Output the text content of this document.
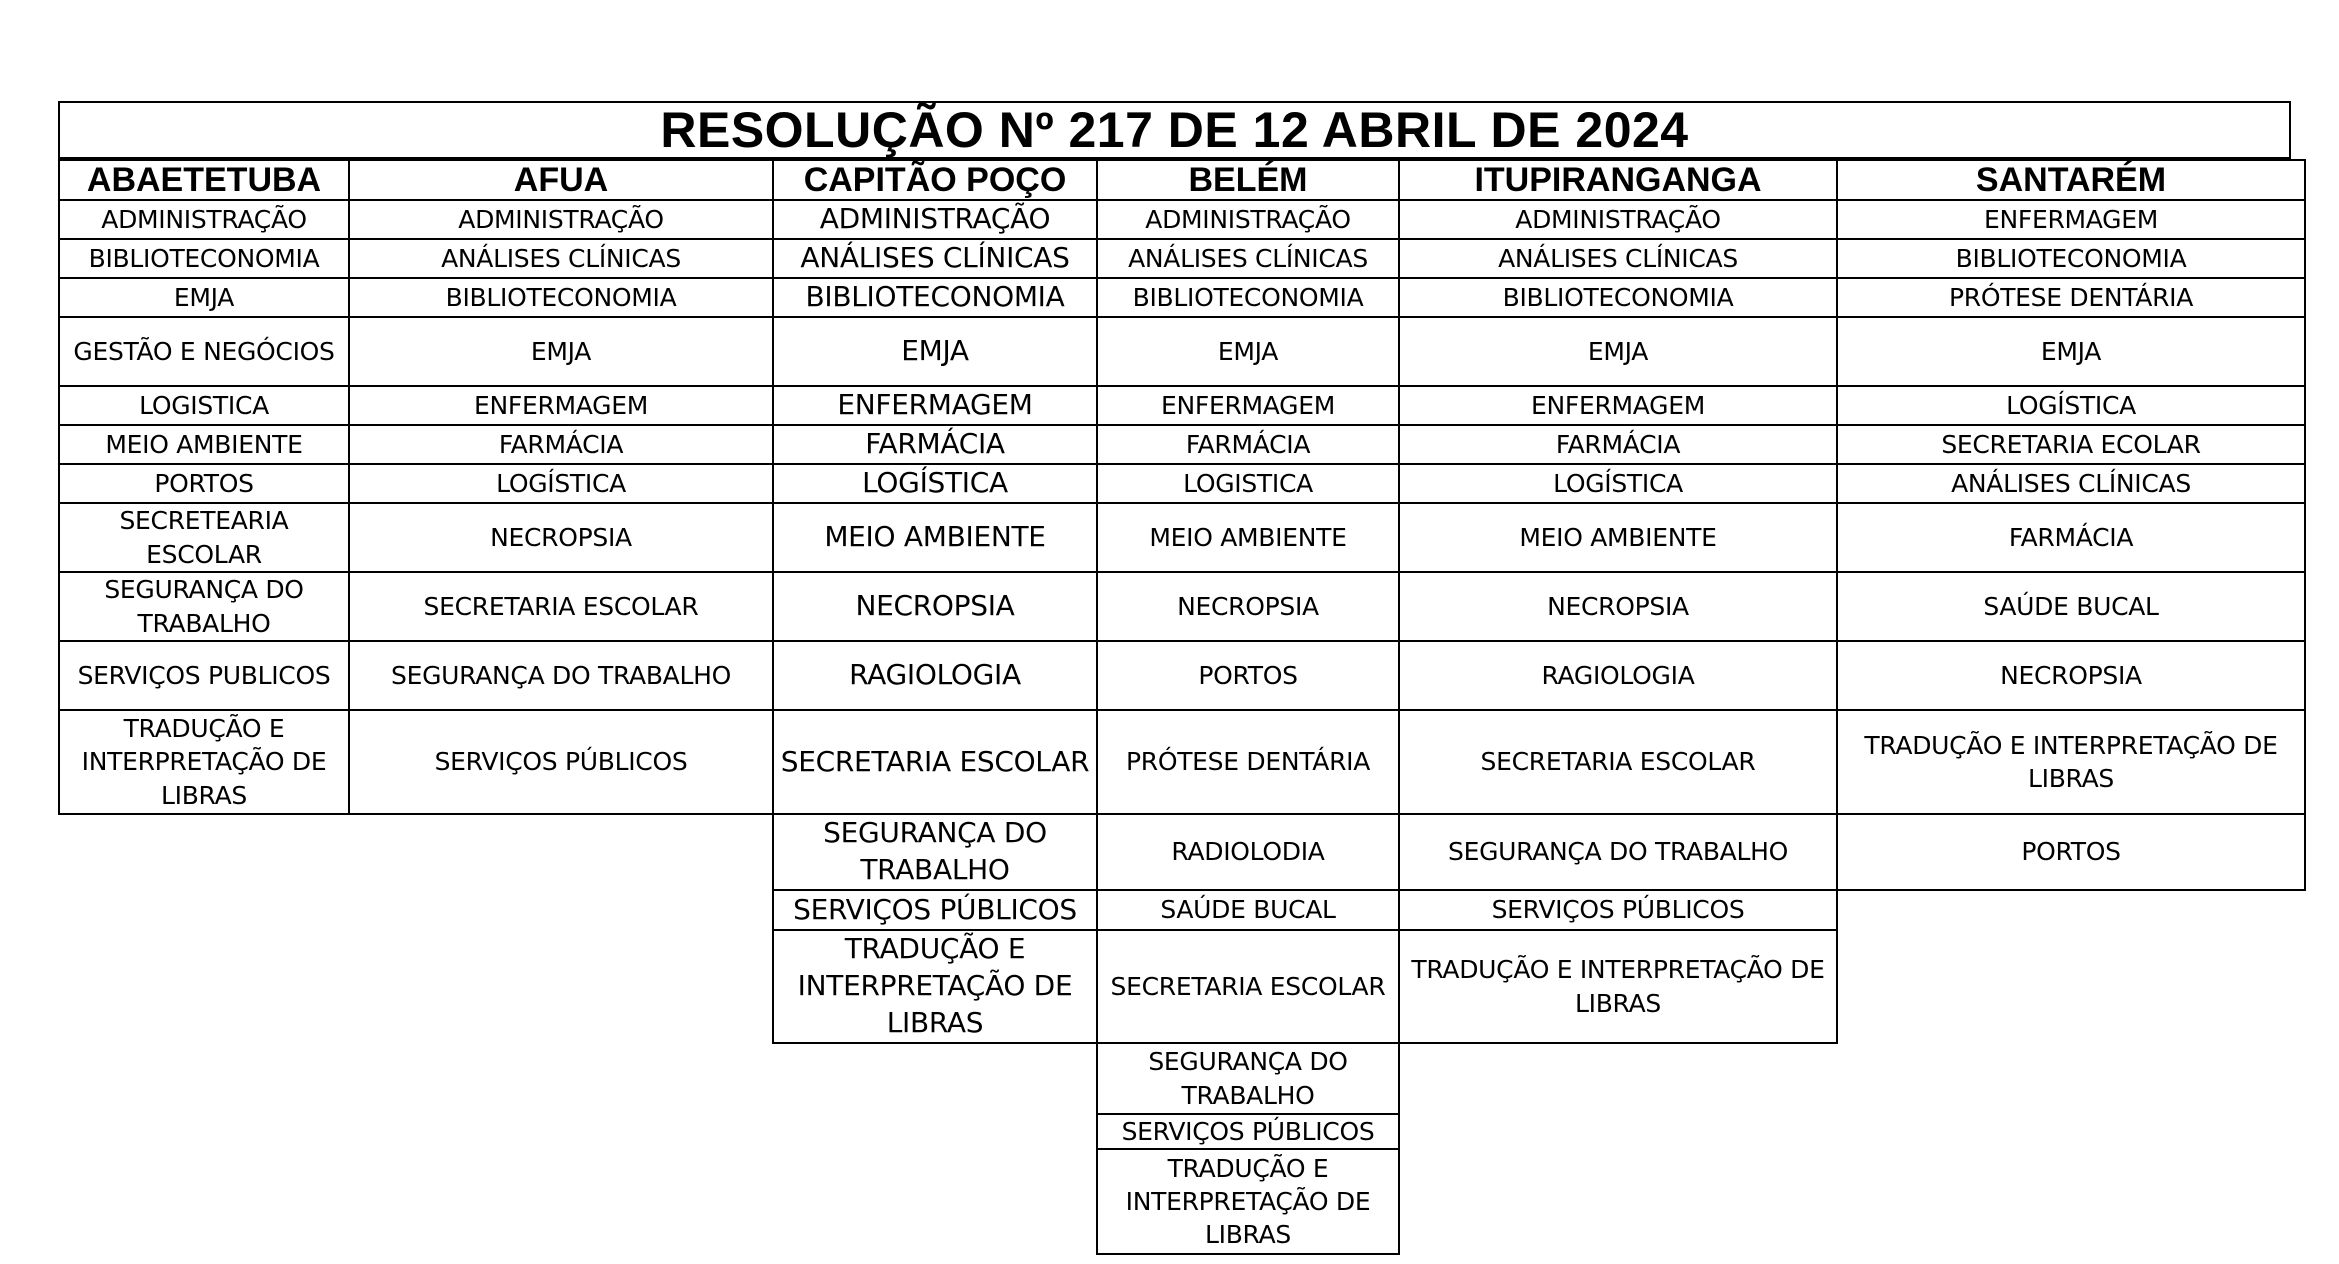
RESOLUÇÃO Nº 217 DE 12 ABRIL DE 2024
ABAETETUBA
ADMINISTRAÇÃO
BIBLIOTECONOMIA
EMJA
GESTÃO E NEGÓCIOS
LOGISTICA
MEIO AMBIENTE
PORTOS
SECRETEARIA ESCOLAR
SEGURANÇA DO TRABALHO
SERVIÇOS PUBLICOS
TRADUÇÃO E INTERPRETAÇÃO DE LIBRAS
AFUA
ADMINISTRAÇÃO
ANÁLISES CLÍNICAS
BIBLIOTECONOMIA
EMJA
ENFERMAGEM
FARMÁCIA
LOGÍSTICA
NECROPSIA
SECRETARIA ESCOLAR
SEGURANÇA DO TRABALHO
SERVIÇOS PÚBLICOS
CAPITÃO POÇO
ADMINISTRAÇÃO
ANÁLISES CLÍNICAS
BIBLIOTECONOMIA
EMJA
ENFERMAGEM
FARMÁCIA
LOGÍSTICA
MEIO AMBIENTE
NECROPSIA
RAGIOLOGIA
SECRETARIA ESCOLAR
SEGURANÇA DO TRABALHO
SERVIÇOS PÚBLICOS
TRADUÇÃO E INTERPRETAÇÃO DE LIBRAS
BELÉM
ADMINISTRAÇÃO
ANÁLISES CLÍNICAS
BIBLIOTECONOMIA
EMJA
ENFERMAGEM
FARMÁCIA
LOGISTICA
MEIO AMBIENTE
NECROPSIA
PORTOS
PRÓTESE DENTÁRIA
RADIOLODIA
SAÚDE BUCAL
SECRETARIA ESCOLAR
SEGURANÇA DO TRABALHO
SERVIÇOS PÚBLICOS
TRADUÇÃO E INTERPRETAÇÃO DE LIBRAS
ITUPIRANGANGA
ADMINISTRAÇÃO
ANÁLISES CLÍNICAS
BIBLIOTECONOMIA
EMJA
ENFERMAGEM
FARMÁCIA
LOGÍSTICA
MEIO AMBIENTE
NECROPSIA
RAGIOLOGIA
SECRETARIA ESCOLAR
SEGURANÇA DO TRABALHO
SERVIÇOS PÚBLICOS
TRADUÇÃO E INTERPRETAÇÃO DE LIBRAS
SANTARÉM
ENFERMAGEM
BIBLIOTECONOMIA
PRÓTESE DENTÁRIA
EMJA
LOGÍSTICA
SECRETARIA ECOLAR
ANÁLISES CLÍNICAS
FARMÁCIA
SAÚDE BUCAL
NECROPSIA
TRADUÇÃO E INTERPRETAÇÃO DE LIBRAS
PORTOS
